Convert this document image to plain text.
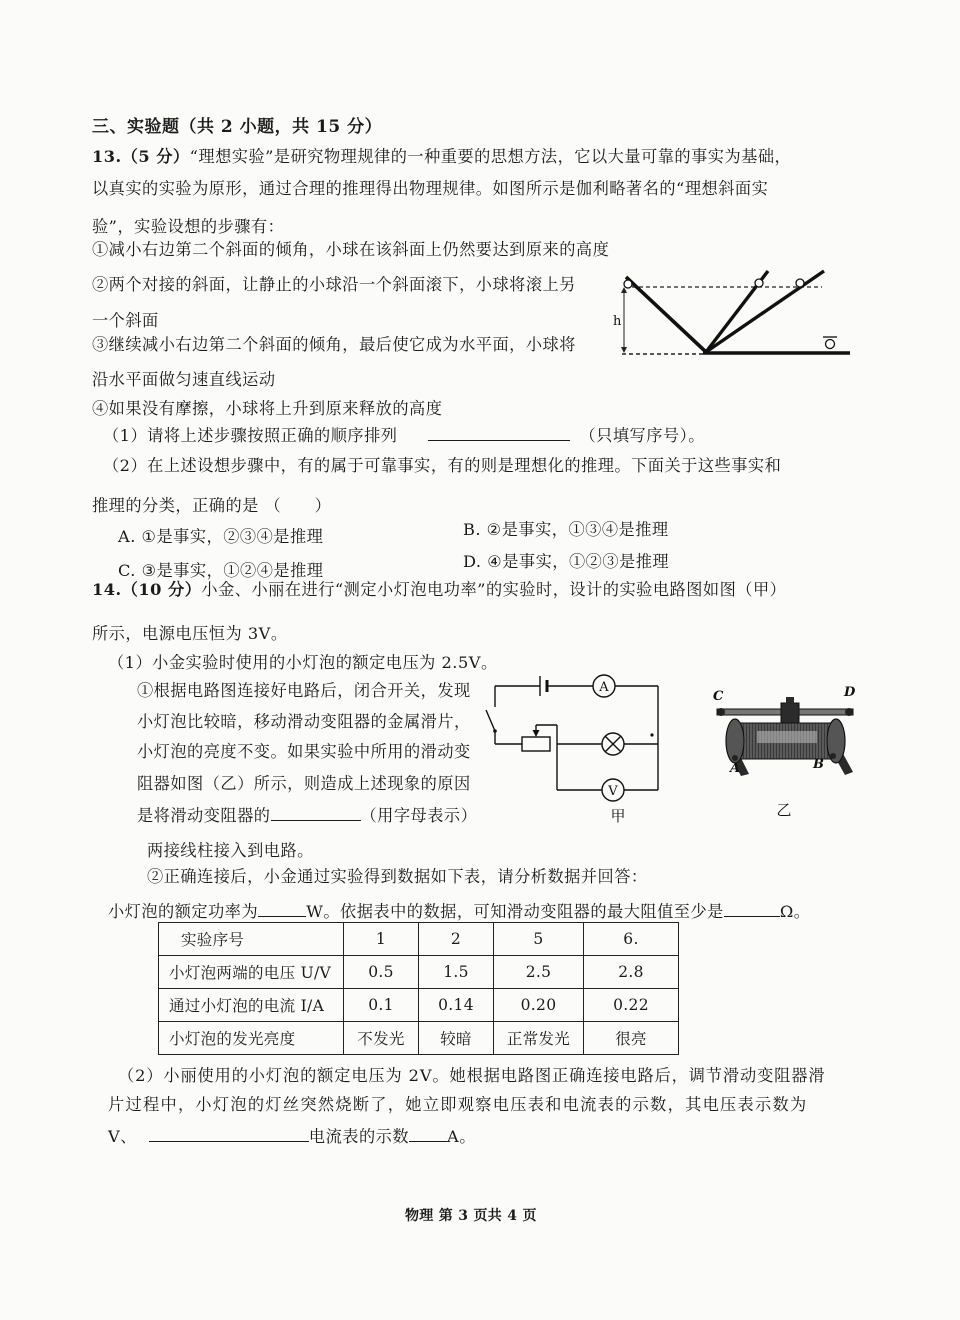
三、实验题（共 2 小题，共 15 分）
13.（5 分）“理想实验”是研究物理规律的一种重要的思想方法，它以大量可靠的事实为基础，
以真实的实验为原形，通过合理的推理得出物理规律。如图所示是伽利略著名的“理想斜面实
验”，实验设想的步骤有：
①减小右边第二个斜面的倾角，小球在该斜面上仍然要达到原来的高度
②两个对接的斜面，让静止的小球沿一个斜面滚下，小球将滚上另
一个斜面
③继续减小右边第二个斜面的倾角，最后使它成为水平面，小球将
沿水平面做匀速直线运动
④如果没有摩擦，小球将上升到原来释放的高度
（1）请将上述步骤按照正确的顺序排列	（只填写序号）。
（2）在上述设想步骤中，有的属于可靠事实，有的则是理想化的推理。下面关于这些事实和
推理的分类，正确的是 （　　）
A. ①是事实，②③④是推理	B. ②是事实，①③④是推理
C. ③是事实，①②④是推理	D. ④是事实，①②③是推理
h
14.（10 分）小金、小丽在进行“测定小灯泡电功率”的实验时，设计的实验电路图如图（甲）
所示，电源电压恒为 3V。
（1）小金实验时使用的小灯泡的额定电压为 2.5V。
①根据电路图连接好电路后，闭合开关，发现
小灯泡比较暗，移动滑动变阻器的金属滑片，
小灯泡的亮度不变。如果实验中所用的滑动变
阻器如图（乙）所示，则造成上述现象的原因
是将滑动变阻器的	（用字母表示）
两接线柱接入到电路。
②正确连接后，小金通过实验得到数据如下表，请分析数据并回答：
小灯泡的额定功率为	W。依据表中的数据，可知滑动变阻器的最大阻值至少是	Ω。
A
V
甲
C	D
A	B
乙
实验序号	1	2	5	6.
小灯泡两端的电压 U/V	0.5	1.5	2.5	2.8
通过小灯泡的电流 I/A	0.1	0.14	0.20	0.22
小灯泡的发光亮度	不发光	较暗	正常发光	很亮
（2）小丽使用的小灯泡的额定电压为 2V。她根据电路图正确连接电路后，调节滑动变阻器滑
片过程中，小灯泡的灯丝突然烧断了，她立即观察电压表和电流表的示数，其电压表示数为
V、	电流表的示数 A。
物理 第 3 页共 4 页
